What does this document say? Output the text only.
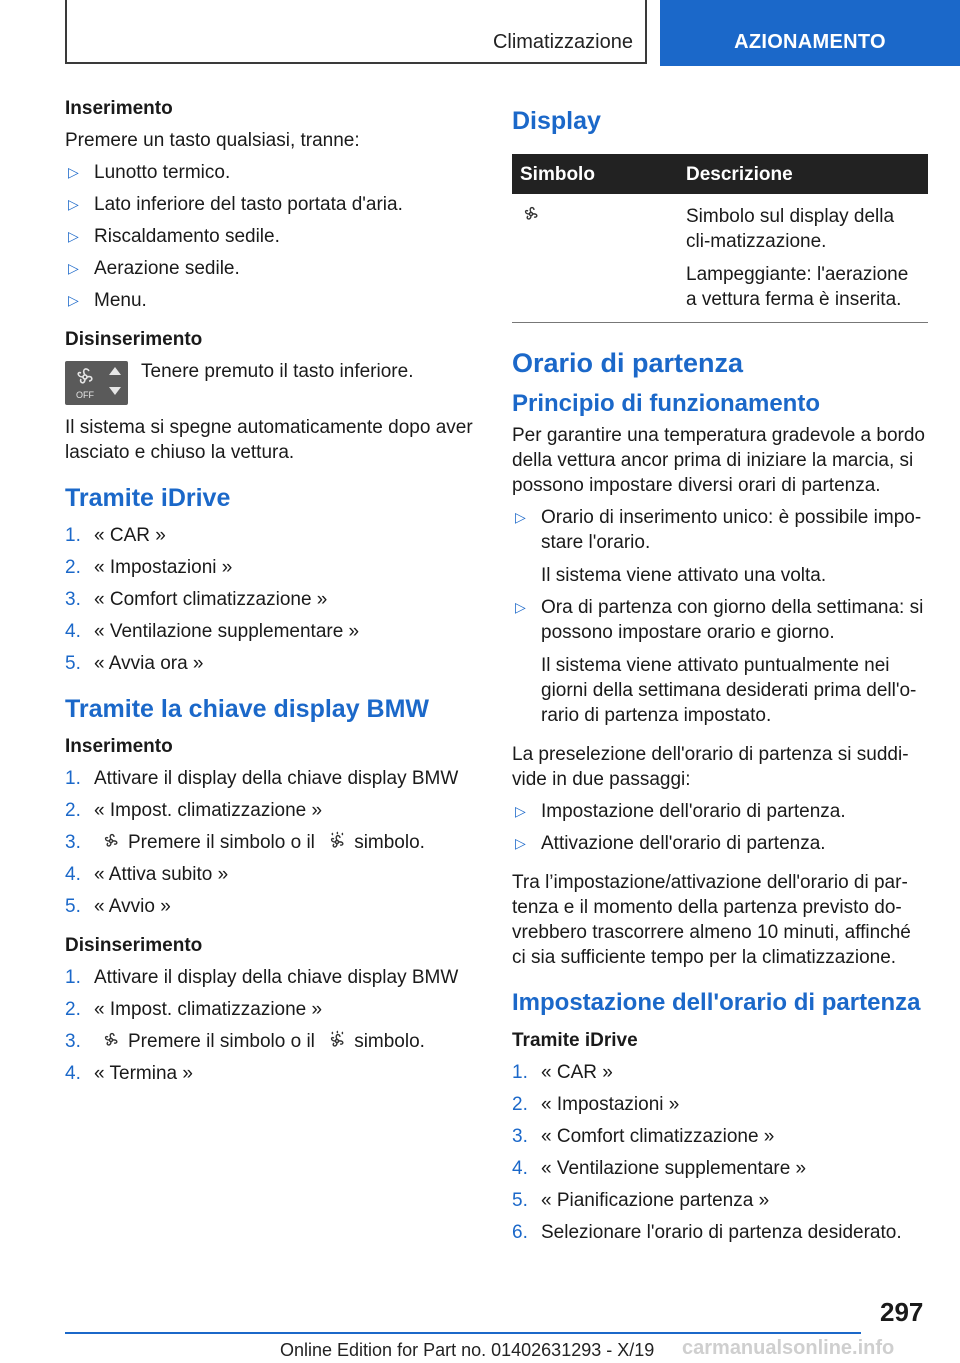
Climatizzazione	AZIONAMENTO
Inserimento

Premere un tasto qualsiasi, tranne:

▷ Lunotto termico.
▷ Lato inferiore del tasto portata d'aria.
▷ Riscaldamento sedile.
▷ Aerazione sedile.
▷ Menu.
Disinserimento
OFF
Tenere premuto il tasto inferiore.

Il sistema si spegne automaticamente dopo aver lasciato e chiuso la vettura.

Tramite iDrive
1. « CAR »
2. « Impostazioni »
3. « Comfort climatizzazione »
4. « Ventilazione supplementare »
5. « Avvia ora »
Tramite la chiave display BMW
Inserimento
1. Attivare il display della chiave display BMW
2. « Impost. climatizzazione »
3. Premere il simbolo o il simbolo.
4. « Attiva subito »
5. « Avvio »
Disinserimento
1. Attivare il display della chiave display BMW
2. « Impost. climatizzazione »
3. Premere il simbolo o il simbolo.
4. « Termina »
Display
Simbolo	Descrizione

Simbolo sul display della cli-matizzazione.

Lampeggiante: l'aerazione a vettura ferma è inserita.

Orario di partenza
Principio di funzionamento

Per garantire una temperatura gradevole a bordo della vettura ancor prima di iniziare la marcia, si possono impostare diversi orari di partenza.

▷ Orario di inserimento unico: è possibile impo-stare l'orario.

Il sistema viene attivato una volta.

▷ Ora di partenza con giorno della settimana: si possono impostare orario e giorno.

Il sistema viene attivato puntualmente nei giorni della settimana desiderati prima dell'o-rario di partenza impostato.

La preselezione dell'orario di partenza si suddi-vide in due passaggi:

▷ Impostazione dell'orario di partenza.
▷ Attivazione dell'orario di partenza.

Tra l’impostazione/attivazione dell'orario di par-tenza e il momento della partenza previsto do-vrebbero trascorrere almeno 10 minuti, affinché ci sia sufficiente tempo per la climatizzazione.

Impostazione dell'orario di partenza
Tramite iDrive
1. « CAR »
2. « Impostazioni »
3. « Comfort climatizzazione »
4. « Ventilazione supplementare »
5. « Pianificazione partenza »
6. Selezionare l'orario di partenza desiderato.
297
Online Edition for Part no. 01402631293 - X/19	carmanualsonline.info
